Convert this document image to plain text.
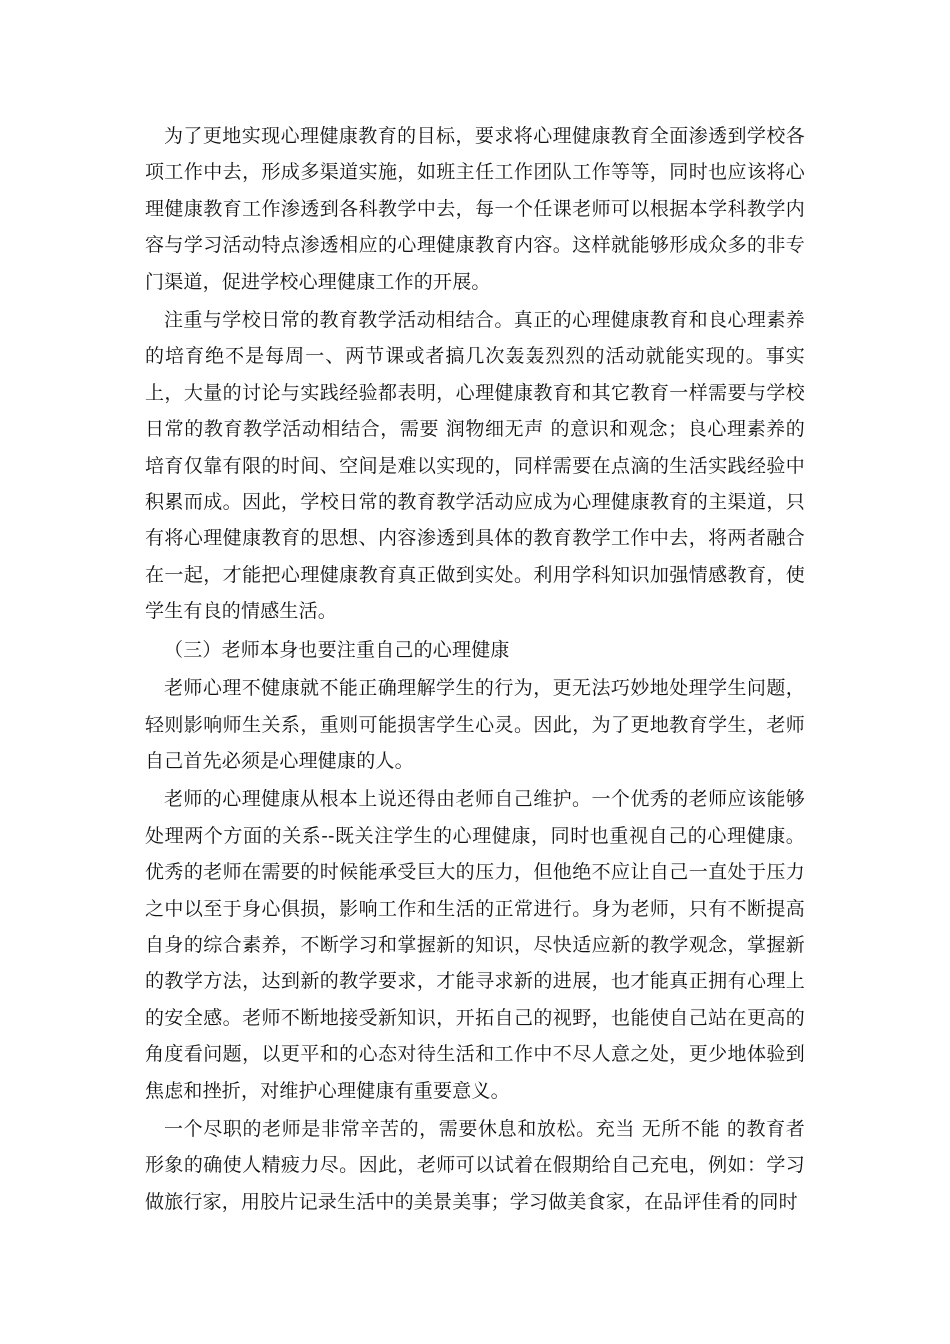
为了更地实现心理健康教育的目标，要求将心理健康教育全面渗透到学校各项工作中去，形成多渠道实施，如班主任工作团队工作等等，同时也应该将心理健康教育工作渗透到各科教学中去，每一个任课老师可以根据本学科教学内容与学习活动特点渗透相应的心理健康教育内容。这样就能够形成众多的非专门渠道，促进学校心理健康工作的开展。

注重与学校日常的教育教学活动相结合。真正的心理健康教育和良心理素养的培育绝不是每周一、两节课或者搞几次轰轰烈烈的活动就能实现的。事实上，大量的讨论与实践经验都表明，心理健康教育和其它教育一样需要与学校日常的教育教学活动相结合，需要 润物细无声 的意识和观念；良心理素养的培育仅靠有限的时间、空间是难以实现的，同样需要在点滴的生活实践经验中积累而成。因此，学校日常的教育教学活动应成为心理健康教育的主渠道，只有将心理健康教育的思想、内容渗透到具体的教育教学工作中去，将两者融合在一起，才能把心理健康教育真正做到实处。利用学科知识加强情感教育，使学生有良的情感生活。

（三）老师本身也要注重自己的心理健康

老师心理不健康就不能正确理解学生的行为，更无法巧妙地处理学生问题，轻则影响师生关系，重则可能损害学生心灵。因此，为了更地教育学生，老师自己首先必须是心理健康的人。

老师的心理健康从根本上说还得由老师自己维护。一个优秀的老师应该能够处理两个方面的关系--既关注学生的心理健康，同时也重视自己的心理健康。优秀的老师在需要的时候能承受巨大的压力，但他绝不应让自己一直处于压力之中以至于身心俱损，影响工作和生活的正常进行。身为老师，只有不断提高自身的综合素养，不断学习和掌握新的知识，尽快适应新的教学观念，掌握新的教学方法，达到新的教学要求，才能寻求新的进展，也才能真正拥有心理上的安全感。老师不断地接受新知识，开拓自己的视野，也能使自己站在更高的角度看问题，以更平和的心态对待生活和工作中不尽人意之处，更少地体验到焦虑和挫折，对维护心理健康有重要意义。

一个尽职的老师是非常辛苦的，需要休息和放松。充当 无所不能 的教育者形象的确使人精疲力尽。因此，老师可以试着在假期给自己充电，例如：学习做旅行家，用胶片记录生活中的美景美事；学习做美食家，在品评佳肴的同时
